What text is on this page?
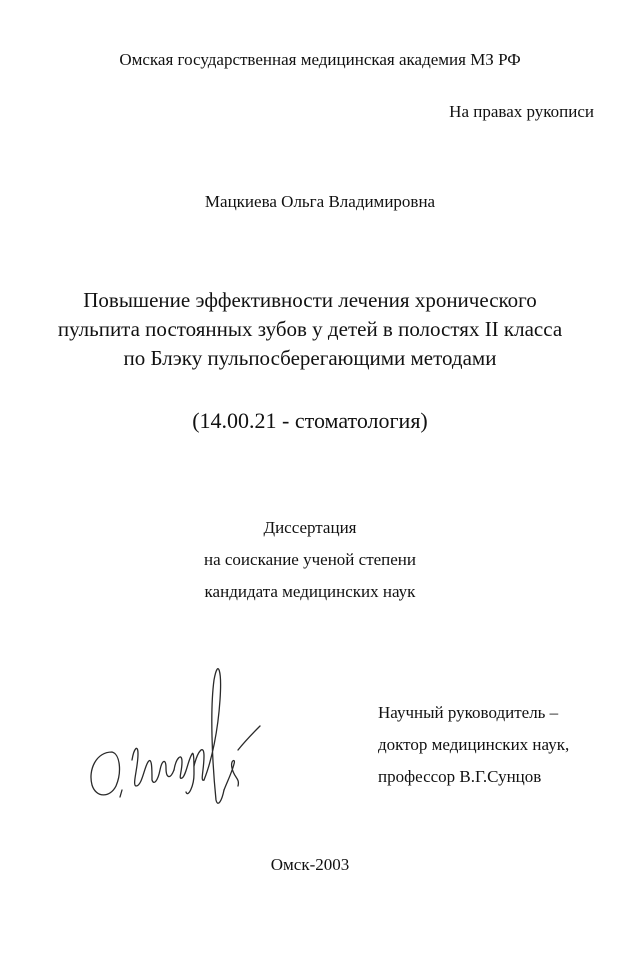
Омская государственная медицинская академия МЗ РФ
На правах рукописи
Мацкиева Ольга Владимировна
Повышение эффективности лечения хронического
пульпита постоянных зубов у детей в полостях II класса
по Блэку пульпосберегающими методами
(14.00.21 - стоматология)
Диссертация
на соискание ученой степени
кандидата медицинских наук
Научный руководитель –
доктор медицинских наук,
профессор В.Г.Сунцов
Омск-2003
